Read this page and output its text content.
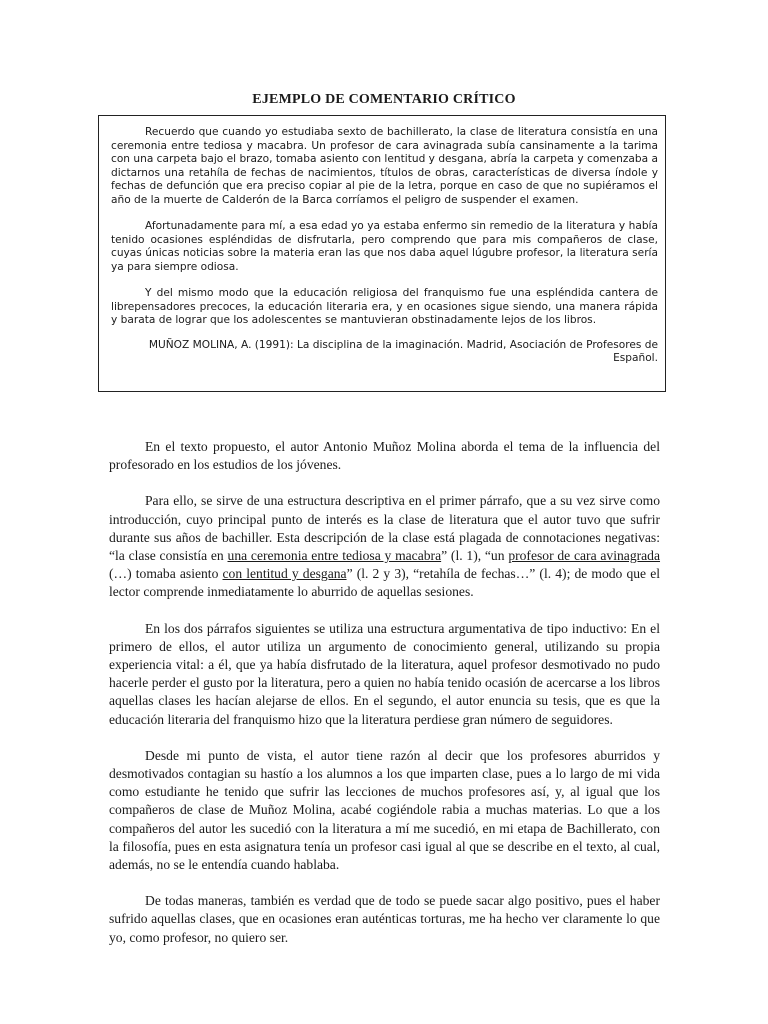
EJEMPLO DE COMENTARIO CRÍTICO

Recuerdo que cuando yo estudiaba sexto de bachillerato, la clase de literatura consistía en una ceremonia entre tediosa y macabra. Un profesor de cara avinagrada subía cansinamente a la tarima con una carpeta bajo el brazo, tomaba asiento con lentitud y desgana, abría la carpeta y comenzaba a dictarnos una retahíla de fechas de nacimientos, títulos de obras, características de diversa índole y fechas de defunción que era preciso copiar al pie de la letra, porque en caso de que no supiéramos el año de la muerte de Calderón de la Barca corríamos el peligro de suspender el examen.

Afortunadamente para mí, a esa edad yo ya estaba enfermo sin remedio de la literatura y había tenido ocasiones espléndidas de disfrutarla, pero comprendo que para mis compañeros de clase, cuyas únicas noticias sobre la materia eran las que nos daba aquel lúgubre profesor, la literatura sería ya para siempre odiosa.

Y del mismo modo que la educación religiosa del franquismo fue una espléndida cantera de librepensadores precoces, la educación literaria era, y en ocasiones sigue siendo, una manera rápida y barata de lograr que los adolescentes se mantuvieran obstinadamente lejos de los libros.

MUÑOZ MOLINA, A. (1991): La disciplina de la imaginación. Madrid, Asociación de Profesores de Español.

En el texto propuesto, el autor Antonio Muñoz Molina aborda el tema de la influencia del profesorado en los estudios de los jóvenes.

Para ello, se sirve de una estructura descriptiva en el primer párrafo, que a su vez sirve como introducción, cuyo principal punto de interés es la clase de literatura que el autor tuvo que sufrir durante sus años de bachiller. Esta descripción de la clase está plagada de connotaciones negativas: “la clase consistía en una ceremonia entre tediosa y macabra” (l. 1), “un profesor de cara avinagrada (…) tomaba asiento con lentitud y desgana” (l. 2 y 3), “retahíla de fechas…” (l. 4); de modo que el lector comprende inmediatamente lo aburrido de aquellas sesiones.

En los dos párrafos siguientes se utiliza una estructura argumentativa de tipo inductivo: En el primero de ellos, el autor utiliza un argumento de conocimiento general, utilizando su propia experiencia vital: a él, que ya había disfrutado de la literatura, aquel profesor desmotivado no pudo hacerle perder el gusto por la literatura, pero a quien no había tenido ocasión de acercarse a los libros aquellas clases les hacían alejarse de ellos. En el segundo, el autor enuncia su tesis, que es que la educación literaria del franquismo hizo que la literatura perdiese gran número de seguidores.

Desde mi punto de vista, el autor tiene razón al decir que los profesores aburridos y desmotivados contagian su hastío a los alumnos a los que imparten clase, pues a lo largo de mi vida como estudiante he tenido que sufrir las lecciones de muchos profesores así, y, al igual que los compañeros de clase de Muñoz Molina, acabé cogiéndole rabia a muchas materias. Lo que a los compañeros del autor les sucedió con la literatura a mí me sucedió, en mi etapa de Bachillerato, con la filosofía, pues en esta asignatura tenía un profesor casi igual al que se describe en el texto, al cual, además, no se le entendía cuando hablaba.

De todas maneras, también es verdad que de todo se puede sacar algo positivo, pues el haber sufrido aquellas clases, que en ocasiones eran auténticas torturas, me ha hecho ver claramente lo que yo, como profesor, no quiero ser.
